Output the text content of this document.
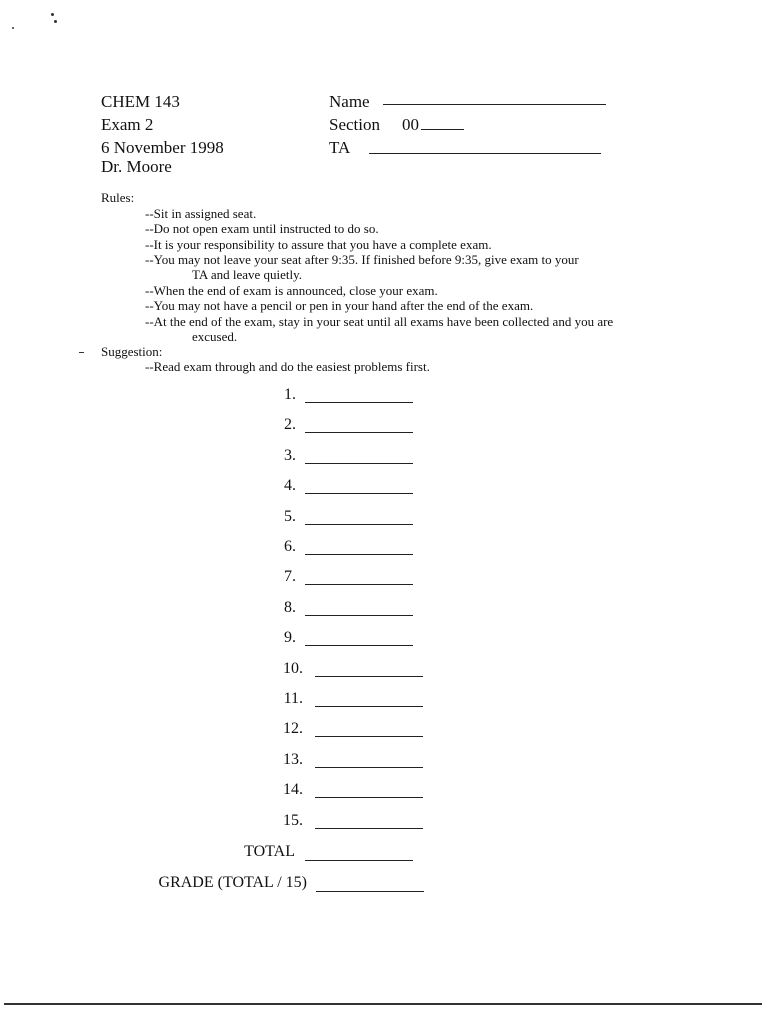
CHEM 143
Exam 2
6 November 1998
Dr. Moore
Name
Section 00
TA
Rules:
--Sit in assigned seat.
--Do not open exam until instructed to do so.
--It is your responsibility to assure that you have a complete exam.
--You may not leave your seat after 9:35. If finished before 9:35, give exam to your
TA and leave quietly.
--When the end of exam is announced, close your exam.
--You may not have a pencil or pen in your hand after the end of the exam.
--At the end of the exam, stay in your seat until all exams have been collected and you are
excused.
Suggestion:
--Read exam through and do the easiest problems first.
1.
2.
3.
4.
5.
6.
7.
8.
9.
10.
11.
12.
13.
14.
15.
TOTAL
GRADE (TOTAL / 15)
